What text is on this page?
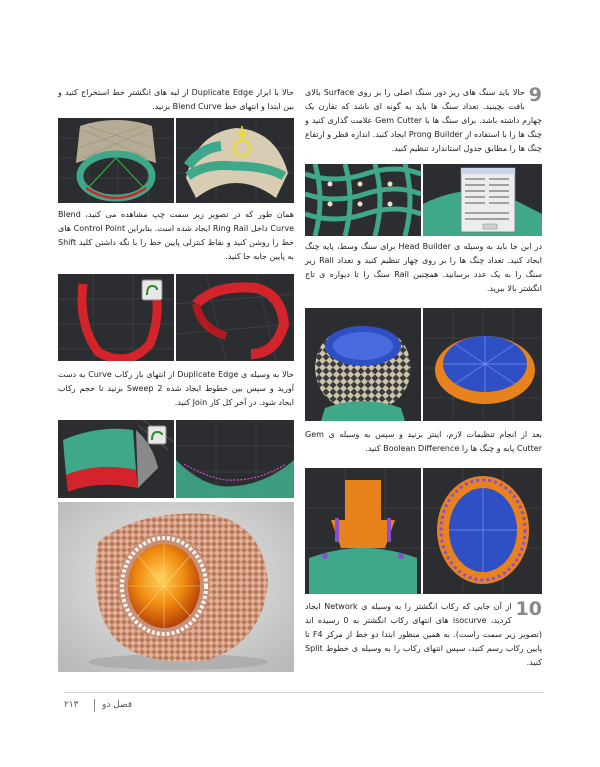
حالا با ابزار Duplicate Edge از لبه های انگشتر خط استخراج کنید و بین ابتدا و انتهای خط Blend Curve بزنید.

همان طور که در تصویر زیر سمت چپ مشاهده می کنید، Blend Curve داخل Ring Rail ایجاد شده است. بنابراین Control Point های خط را روشن کنید و نقاط کنترلی پایین خط را با نگه داشتن کلید Shift به پایین جابه جا کنید.

حالا به وسیله ی Duplicate Edge از انتهای باز رکاب Curve به دست آورید و سپس بین خطوط ایجاد شده Sweep 2 بزنید تا حجم رکاب ایجاد شود. در آخر کل کار Join کنید.

9

حالا باید سنگ های ریز دور سنگ اصلی را بر روی Surface بالای بافت بچینید. تعداد سنگ ها باید به گونه ای باشد که تقارن یک چهارم داشته باشد. برای سنگ ها با Gem Cutter علامت گذاری کنید و چنگ ها را با استفاده از Prong Builder ایجاد کنید. اندازه قطر و ارتفاع چنگ ها را مطابق جدول استاندارد تنظیم کنید.

در این جا باید به وسیله ی Head Builder برای سنگ وسط، پایه چنگ ایجاد کنید. تعداد چنگ ها را بر روی چهار تنظیم کنید و تعداد Rail زیر سنگ را به یک عدد برسانید. همچنین Rail سنگ را تا دیواره ی تاج انگشتر بالا ببرید.

بعد از انجام تنظیمات لازم، اینتر بزنید و سپس به وسیله ی Gem Cutter پایه و چنگ ها را Boolean Difference کنید.

10

از آن جایی که رکاب انگشتر را به وسیله ی Network ایجاد کردید، isocurve های انتهای رکاب انگشتر به 0 رسیده اند (تصویر زیر سمت راست). به همین منظور ابتدا دو خط از مرکز F4 تا پایین رکاب رسم کنید، سپس انتهای رکاب را به وسیله ی خطوط Split کنید.

۲۱۳	فصل دو
